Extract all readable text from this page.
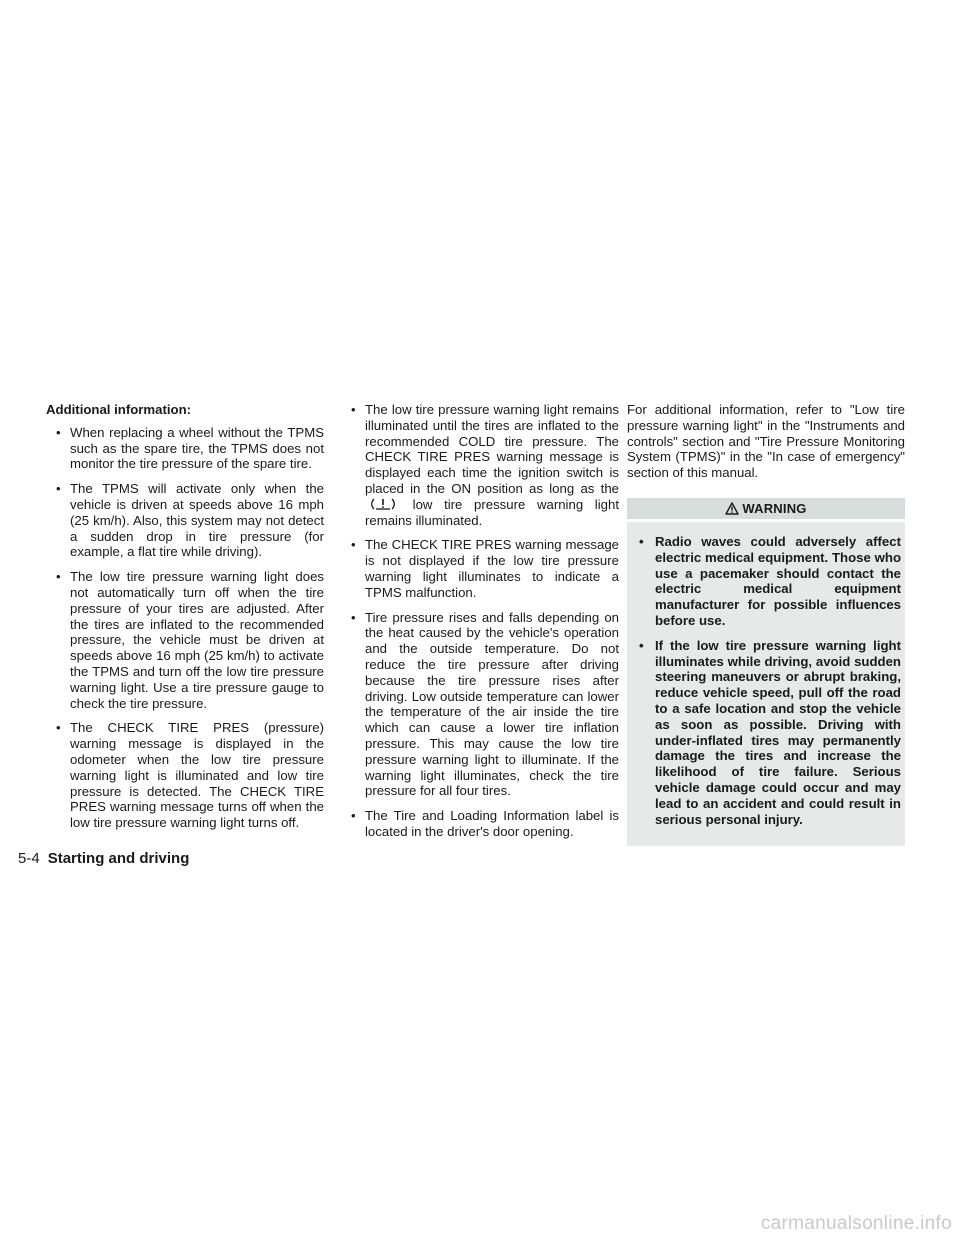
Additional information:

• When replacing a wheel without the TPMS such as the spare tire, the TPMS does not monitor the tire pressure of the spare tire.
• The TPMS will activate only when the vehicle is driven at speeds above 16 mph (25 km/h). Also, this system may not detect a sudden drop in tire pressure (for example, a flat tire while driving).
• The low tire pressure warning light does not automatically turn off when the tire pressure of your tires are adjusted. After the tires are inflated to the recommended pressure, the vehicle must be driven at speeds above 16 mph (25 km/h) to activate the TPMS and turn off the low tire pressure warning light. Use a tire pressure gauge to check the tire pressure.
• The CHECK TIRE PRES (pressure) warning message is displayed in the odometer when the low tire pressure warning light is illuminated and low tire pressure is detected. The CHECK TIRE PRES warning message turns off when the low tire pressure warning light turns off.
• The low tire pressure warning light remains illuminated until the tires are inflated to the recommended COLD tire pressure. The CHECK TIRE PRES warning message is displayed each time the ignition switch is placed in the ON position as long as the  low tire pressure warning light remains illuminated.
• The CHECK TIRE PRES warning message is not displayed if the low tire pressure warning light illuminates to indicate a TPMS malfunction.
• Tire pressure rises and falls depending on the heat caused by the vehicle's operation and the outside temperature. Do not reduce the tire pressure after driving because the tire pressure rises after driving. Low outside temperature can lower the temperature of the air inside the tire which can cause a lower tire inflation pressure. This may cause the low tire pressure warning light to illuminate. If the warning light illuminates, check the tire pressure for all four tires.
• The Tire and Loading Information label is located in the driver's door opening.

For additional information, refer to "Low tire pressure warning light" in the "Instruments and controls" section and "Tire Pressure Monitoring System (TPMS)" in the "In case of emergency" section of this manual.

WARNING
• Radio waves could adversely affect electric medical equipment. Those who use a pacemaker should contact the electric medical equipment manufacturer for possible influences before use.
• If the low tire pressure warning light illuminates while driving, avoid sudden steering maneuvers or abrupt braking, reduce vehicle speed, pull off the road to a safe location and stop the vehicle as soon as possible. Driving with under-inflated tires may permanently damage the tires and increase the likelihood of tire failure. Serious vehicle damage could occur and may lead to an accident and could result in serious personal injury.
5-4 Starting and driving
carmanualsonline.info
